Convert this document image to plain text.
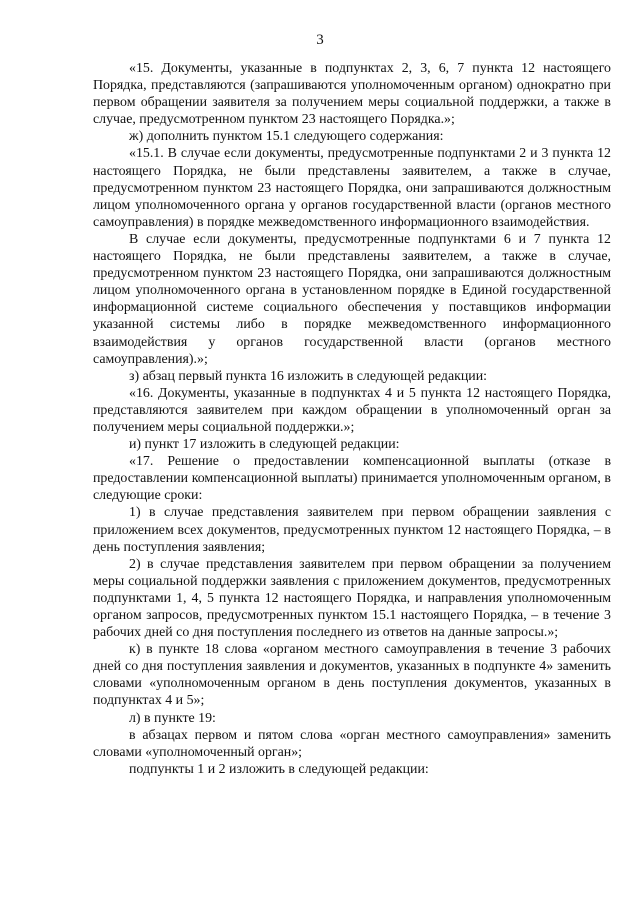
3

«15. Документы, указанные в подпунктах 2, 3, 6, 7 пункта 12 настоящего Порядка, представляются (запрашиваются уполномоченным органом) однократно при первом обращении заявителя за получением меры социальной поддержки, а также в случае, предусмотренном пунктом 23 настоящего Порядка.»;

ж) дополнить пунктом 15.1 следующего содержания:

«15.1. В случае если документы, предусмотренные подпунктами 2 и 3 пункта 12 настоящего Порядка, не были представлены заявителем, а также в случае, предусмотренном пунктом 23 настоящего Порядка, они запрашиваются должностным лицом уполномоченного органа у органов государственной власти (органов местного самоуправления) в порядке межведомственного информационного взаимодействия.

В случае если документы, предусмотренные подпунктами 6 и 7 пункта 12 настоящего Порядка, не были представлены заявителем, а также в случае, предусмотренном пунктом 23 настоящего Порядка, они запрашиваются должностным лицом уполномоченного органа в установленном порядке в Единой государственной информационной системе социального обеспечения у поставщиков информации указанной системы либо в порядке межведомственного информационного взаимодействия у органов государственной власти (органов местного самоуправления).»;

з) абзац первый пункта 16 изложить в следующей редакции:

«16. Документы, указанные в подпунктах 4 и 5 пункта 12 настоящего Порядка, представляются заявителем при каждом обращении в уполномоченный орган за получением меры социальной поддержки.»;

и) пункт 17 изложить в следующей редакции:

«17. Решение о предоставлении компенсационной выплаты (отказе в предоставлении компенсационной выплаты) принимается уполномоченным органом, в следующие сроки:

1) в случае представления заявителем при первом обращении заявления с приложением всех документов, предусмотренных пунктом 12 настоящего Порядка, – в день поступления заявления;

2) в случае представления заявителем при первом обращении за получением меры социальной поддержки заявления с приложением документов, предусмотренных подпунктами 1, 4, 5 пункта 12 настоящего Порядка, и направления уполномоченным органом запросов, предусмотренных пунктом 15.1 настоящего Порядка, – в течение 3 рабочих дней со дня поступления последнего из ответов на данные запросы.»;

к) в пункте 18 слова «органом местного самоуправления в течение 3 рабочих дней со дня поступления заявления и документов, указанных в подпункте 4» заменить словами «уполномоченным органом в день поступления документов, указанных в подпунктах 4 и 5»;

л) в пункте 19:

в абзацах первом и пятом слова «орган местного самоуправления» заменить словами «уполномоченный орган»;

подпункты 1 и 2 изложить в следующей редакции:
